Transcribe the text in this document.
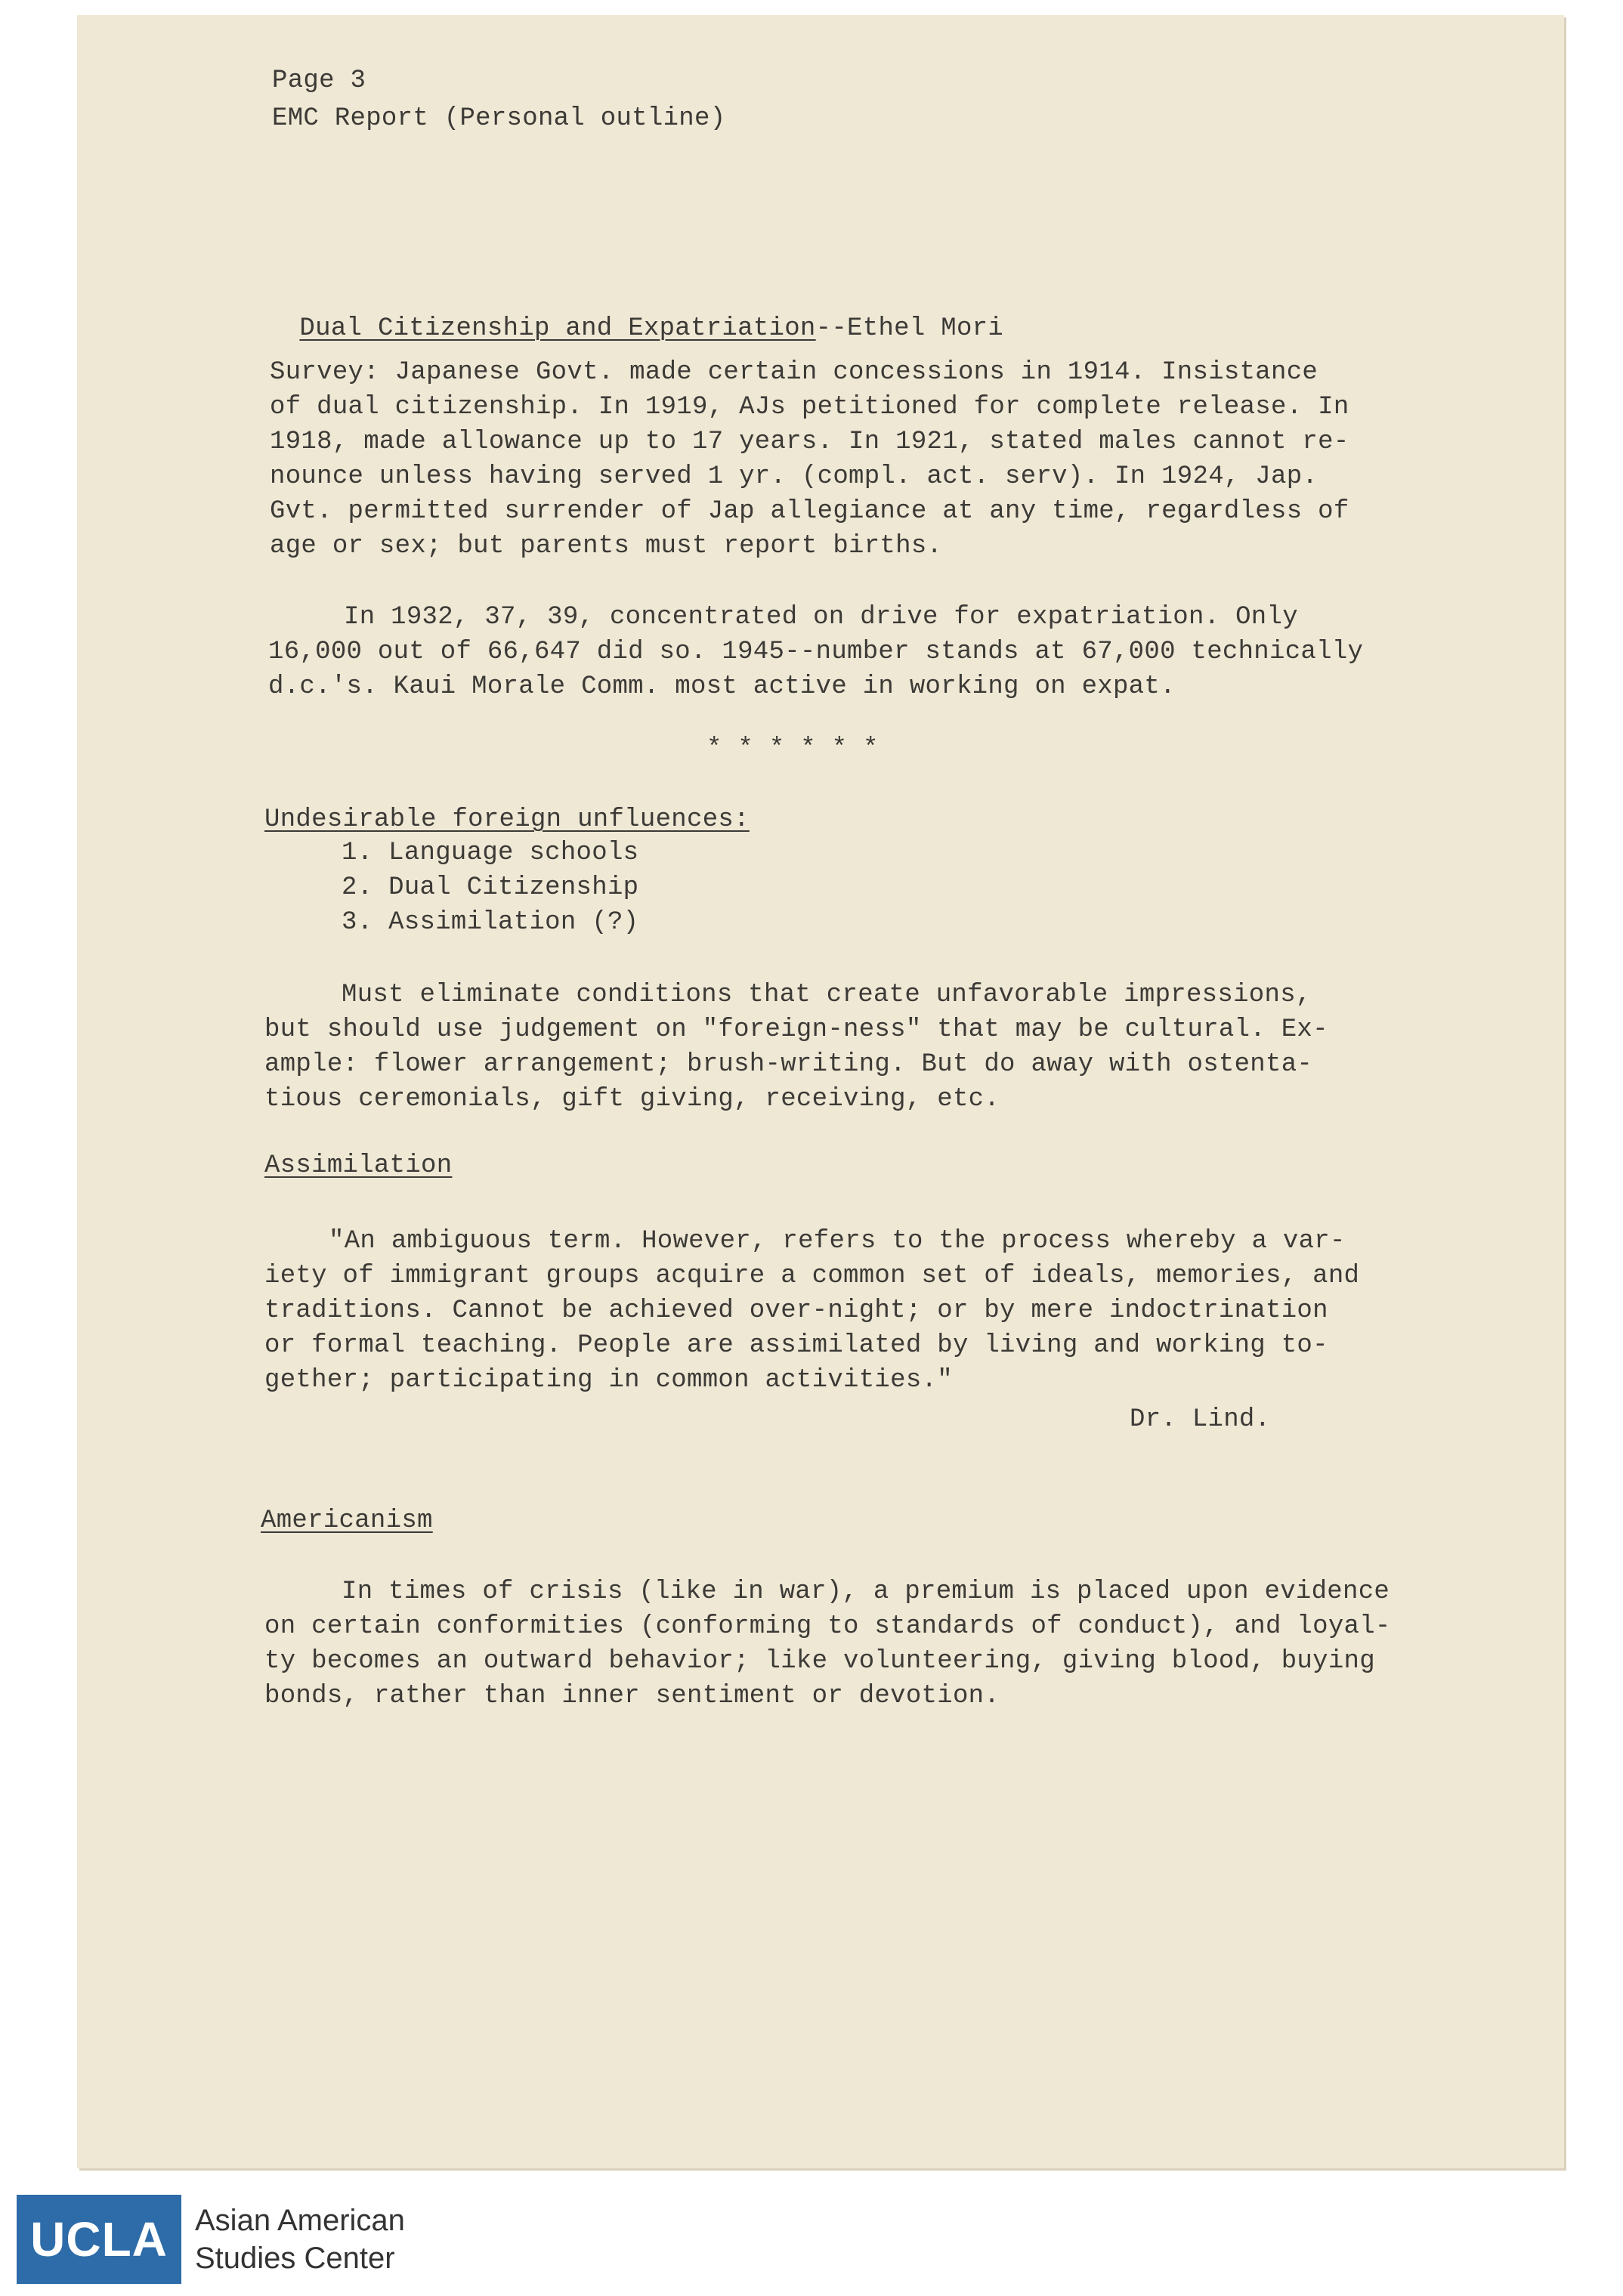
Page 3
EMC Report (Personal outline)

Dual Citizenship and Expatriation--Ethel Mori

Survey: Japanese Govt. made certain concessions in 1914. Insistance
of dual citizenship. In 1919, AJs petitioned for complete release. In
1918, made allowance up to 17 years. In 1921, stated males cannot re-
nounce unless having served 1 yr. (compl. act. serv). In 1924, Jap.
Gvt. permitted surrender of Jap allegiance at any time, regardless of
age or sex; but parents must report births.
In 1932, 37, 39, concentrated on drive for expatriation. Only
16,000 out of 66,647 did so. 1945--number stands at 67,000 technically
d.c.'s. Kaui Morale Comm. most active in working on expat.
* * * * * *
Undesirable foreign unfluences:
1. Language schools
2. Dual Citizenship
3. Assimilation (?)
Must eliminate conditions that create unfavorable impressions,
but should use judgement on "foreign-ness" that may be cultural. Ex-
ample: flower arrangement; brush-writing. But do away with ostenta-
tious ceremonials, gift giving, receiving, etc.
Assimilation
"An ambiguous term. However, refers to the process whereby a var-
iety of immigrant groups acquire a common set of ideals, memories, and
traditions. Cannot be achieved over-night; or by mere indoctrination
or formal teaching. People are assimilated by living and working to-
gether; participating in common activities."
Dr. Lind.
Americanism
In times of crisis (like in war), a premium is placed upon evidence
on certain conformities (conforming to standards of conduct), and loyal-
ty becomes an outward behavior; like volunteering, giving blood, buying
bonds, rather than inner sentiment or devotion.
UCLA Asian American
Studies Center
